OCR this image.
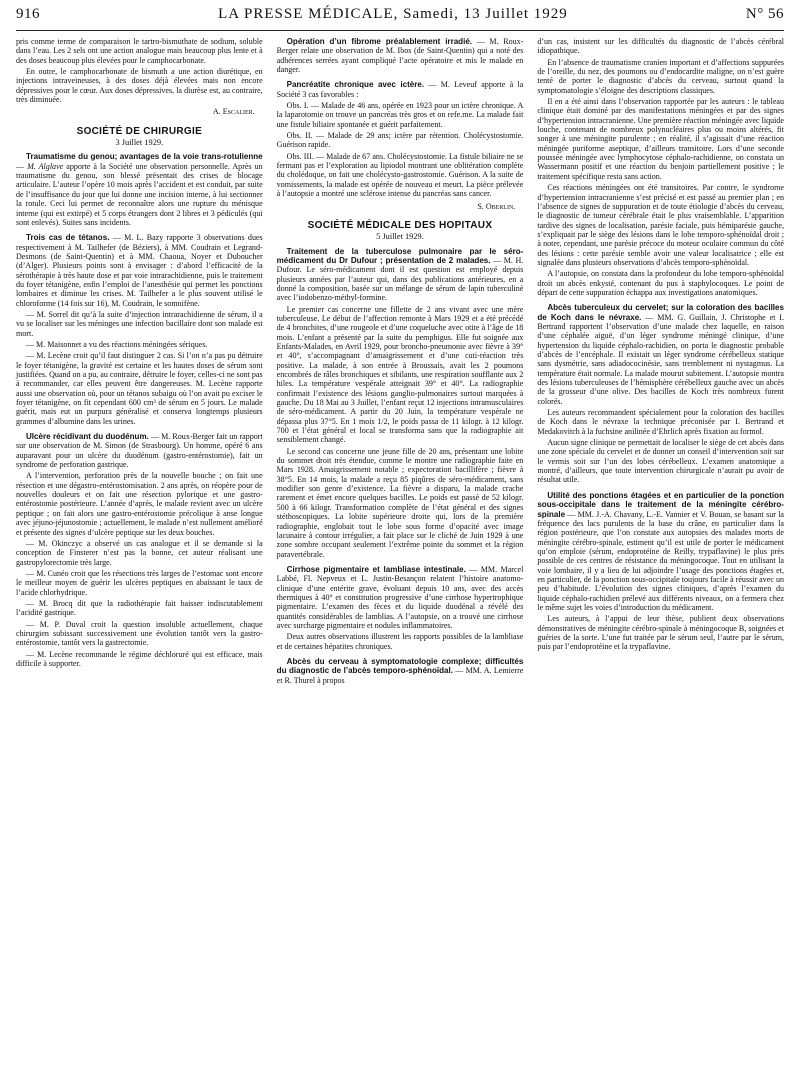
916	LA PRESSE MÉDICALE, Samedi, 13 Juillet 1929	N° 56

pris comme terme de comparaison le tartro-bismuthate de sodium, soluble dans l’eau. Les 2 sels ont une action analogue mais beaucoup plus lente et à des doses beaucoup plus élevées pour le camphocarbonate.

En outre, le camphocarbonate de bismuth a une action diurétique, en injections intraveineuses, à des doses déjà élevées mais non encore dépressives pour le cœur. Aux doses dépressives, la diurèse est, au contraire, très diminuée.

A. Escalier.

SOCIÉTÉ DE CHIRURGIE
3 Juillet 1929.

Traumatisme du genou; avantages de la voie trans-rotulienne — M. Alglave apporte à la Société une observation personnelle. Après un traumatisme du genou, son blessé présentait des crises de blocage articulaire. L’auteur l’opère 10 mois après l’accident et est conduit, par suite de l’insuffisance du jour que lui donne une incision interne, à lui sectionner la rotule. Ceci lui permet de reconnaître alors une rupture du ménisque interne (qui est extirpé) et 5 corps étrangers dont 2 libres et 3 pédiculés (qui sont enlevés). Suites sans incidents.

Trois cas de tétanos. — M. L. Bazy rapporte 3 observations dues respectivement à M. Tailhefer (de Béziers), à MM. Coudrain et Legrand-Desmons (de Saint-Quentin) et à MM. Chaoua, Noyer et Duboucher (d’Alger). Plusieurs points sont à envisager : d’abord l’efficacité de la sérothérapie à très haute dose et par voie intrarachidienne, puis le traitement du foyer tétanigène, enfin l’emploi de l’anesthésie qui permet les ponctions lombaires et diminue les crises. M. Tailhefer a le plus souvent utilisé le chloroforme (14 fois sur 16), M. Coudrain, le somnifène.

— M. Sorrel dit qu’à la suite d’injection intrarachidienne de sérum, il a vu se localiser sur les méninges une infection bacillaire dont son malade est mort.

— M. Maisonnet a vu des réactions méningées sériques.

— M. Lecène croit qu’il faut distinguer 2 cas. Si l’on n’a pas pu détruire le foyer tétanigène, la gravité est certaine et les hautes doses de sérum sont justifiées. Quand on a pu, au contraire, détruire le foyer, celles-ci ne sont pas à recommander, car elles peuvent être dangereuses. M. Lecène rapporte aussi une observation où, pour un tétanos subaigu où l’on avait pu exciser le foyer tétanigène, on fit cependant 600 cm³ de sérum en 5 jours. Le malade guérit, mais eut un purpura généralisé et conserva longtemps plusieurs grammes d’albumine dans les urines.

Ulcère récidivant du duodénum. — M. Roux-Berger fait un rapport sur une observation de M. Simon (de Strasbourg). Un homme, opéré 6 ans auparavant pour un ulcère du duodénum (gastro-entérostomie), fait un syndrome de perforation gastrique.

A l’intervention, perforation près de la nouvelle bouche ; on fait une résection et une dégastro-entérostomisation. 2 ans après, on réopère pour de nouvelles douleurs et on fait une résection pylorique et une gastro-entérostomie postérieure. L’année d’après, le malade revient avec un ulcère peptique ; on fait alors une gastro-entérostomie précolique à anse longue avec jéjuno-jéjunostomie ; actuellement, le malade n’est nullement amélioré et présente des signes d’ulcère peptique sur les deux bouches.

— M. Okinczyc a observé un cas analogue et il se demande si la conception de Finsterer n’est pas la bonne, cet auteur réalisant une gastropylorectomie très large.

— M. Cunéo croit que les résections très larges de l’estomac sont encore le meilleur moyen de guérir les ulcères peptiques en abaissant le taux de l’acide chlorhydrique.

— M. Brocq dit que la radiothérapie fait baisser indiscutablement l’acidité gastrique.

— M. P. Duval croit la question insoluble actuellement, chaque chirurgien subissant successivement une évolution tantôt vers la gastro-entérostomie, tantôt vers la gastrectomie.

— M. Lecène recommande le régime déchloruré qui est efficace, mais difficile à supporter.

Opération d’un fibrome préalablement irradié. — M. Roux-Berger relate une observation de M. Ibos (de Saint-Quentin) qui a noté des adhérences serrées ayant compliqué l’acte opératoire et mis le malade en danger.

Pancréatite chronique avec ictère. — M. Leveuf apporte à la Société 3 cas favorables :

Obs. I. — Malade de 46 ans, opérée en 1923 pour un ictère chronique. A la laparotomie on trouve un pancréas très gros et on refe.me. La malade fait une fistule biliaire spontanée et guérit parfaitement.

Obs. II. — Malade de 29 ans; ictère par rétention. Cholécystostomie. Guérison rapide.

Obs. III. — Malade de 67 ans. Cholécystostomie. La fistule biliaire ne se fermant pas et l’exploration au lipiodol montrant une oblitération complète du cholédoque, on fait une cholécysto-gastrostomie. Guérison. A la suite de vomissements, la malade est opérée de nouveau et meurt. La pièce prélevée à l’autopsie a montré une sclérose intense du pancréas sans cancer.

S. Oberlin.

SOCIÉTÉ MÉDICALE DES HOPITAUX
5 Juillet 1929.

Traitement de la tuberculose pulmonaire par le séro-médicament du Dr Dufour ; présentation de 2 malades. — M. H. Dufour. Le séro-médicament dont il est question est employé depuis plusieurs années par l’auteur qui, dans des publications antérieures, en a donné la composition, basée sur un mélange de sérum de lapin tuberculiné avec l’iodobenzo-méthyl-formine.

Le premier cas concerne une fillette de 2 ans vivant avec une mère tuberculeuse. Le début de l’affection remonte à Mars 1929 et a été précédé de 4 bronchites, d’une rougeole et d’une coqueluche avec otite à l’âge de 18 mois. L’enfant a présenté par la suite du pemphigus. Elle fut soignée aux Enfants-Malades, en Avril 1929, pour broncho-pneumonie avec fièvre à 39° et 40°, s’accompagnant d’amaigrissement et d’une cuti-réaction très positive. La malade, à son entrée à Broussais, avait les 2 poumons encombrés de râles bronchiques et sibilants, une respiration soufflante aux 2 hiles. La température vespérale atteignait 39° et 40°. La radiographie confirmait l’existence des lésions ganglio-pulmonaires surtout marquées à gauche. Du 18 Mai au 3 Juillet, l’enfant reçut 12 injections intramusculaires de séro-médicament. A partir du 20 Juin, la température vespérale ne dépassa plus 37°5. En 1 mois 1/2, le poids passa de 11 kilogr. à 12 kilogr. 700 et l’état général et local se transforma sans que la radiographie ait sensiblement changé.

Le second cas concerne une jeune fille de 20 ans, présentant une lobite du sommet droit très étendue, comme le montre une radiographie faite en Mars 1928. Amaigrissement notable ; expectoration bacillifère ; fièvre à 38°5. En 14 mois, la malade a reçu 85 piqûres de séro-médicament, sans modifier son genre d’existence. La fièvre a disparu, la malade crache rarement et émet encore quelques bacilles. Le poids est passé de 52 kilogr. 500 à 66 kilogr. Transformation complète de l’état général et des signes stéthoscopiques. La lobite supérieure droite qui, lors de la première radiographie, englobait tout le lobe sous forme d’opacité avec image lacunaire à contour irrégulier, a fait place sur le cliché de Juin 1929 à une zone sombre occupant seulement l’extrême pointe du sommet et la région paravertébrale.

Cirrhose pigmentaire et lambliase intestinale. — MM. Marcel Labbé, Fl. Nepveux et L. Justin-Besançon relatent l’histoire anatomo-clinique d’une entérite grave, évoluant depuis 10 ans, avec des accès thermiques à 40° et constitution progressive d’une cirrhose hypertrophique pigmentaire. L’examen des fèces et du liquide duodénal a révélé des quantités considérables de lamblias. A l’autopsie, on a trouvé une cirrhose avec surcharge pigmentaire et nodules inflammatoires.

Deux autres observations illustrent les rapports possibles de la lambliase et de certaines hépatites chroniques.

Abcès du cerveau à symptomatologie complexe; difficultés du diagnostic de l’abcès temporo-sphénoïdal. — MM. A. Lemierre et R. Thurel à propos

d’un cas, insistent sur les difficultés du diagnostic de l’abcès cérébral idiopathique.

En l’absence de traumatisme cranien important et d’affections suppurées de l’oreille, du nez, des poumons ou d’endocardite maligne, on n’est guère tenté de porter le diagnostic d’abcès du cerveau, surtout quand la symptomatologie s’éloigne des descriptions classiques.

Il en a été ainsi dans l’observation rapportée par les auteurs : le tableau clinique était dominé par des manifestations méningées et par des signes d’hypertension intracranienne. Une première réaction méningée avec liquide louche, contenant de nombreux polynucléaires plus ou moins altérés, fit songer à une méningite purulente ; en réalité, il s’agissait d’une réaction méningée puriforme aseptique, d’ailleurs transitoire. Lors d’une seconde poussée méningée avec lymphocytose céphalo-rachidienne, on constata un Wassermann positif et une réaction du benjoin partiellement positive ; le traitement spécifique resta sans action.

Ces réactions méningées ont été transitoires. Par contre, le syndrome d’hypertension intracranienne s’est précisé et est passé au premier plan ; en l’absence de signes de suppuration et de toute étiologie d’abcès du cerveau, le diagnostic de tumeur cérébrale était le plus vraisemblable. L’apparition tardive des signes de localisation, parésie faciale, puis hémiparésie gauche, s’expliquait par le siège des lésions dans le lobe temporo-sphénoïdal droit ; à noter, cependant, une parésie précoce du moteur oculaire commun du côté des lésions : cette parésie semble avoir une valeur localisatrice ; elle est signalée dans plusieurs observations d’abcès temporo-sphénoïdal.

A l’autopsie, on constata dans la profondeur du lobe temporo-sphénoïdal droit un abcès enkysté, contenant du pus à staphylocoques. Le point de départ de cette suppuration échappa aux investigations anatomiques.

Abcès tuberculeux du cervelet; sur la coloration des bacilles de Koch dans le névraxe. — MM. G. Guillain, J. Christophe et I. Bertrand rapportent l’observation d’une malade chez laquelle, en raison d’une céphalée aiguë, d’un léger syndrome méningé clinique, d’une hypertension du liquide céphalo-rachidien, on porta le diagnostic probable d’abcès de l’encéphale. Il existait un léger syndrome cérébelleux statique sans dysmétrie, sans adiadococinésie, sans tremblement ni nystagmus. La température était normale. La malade mourut subitement. L’autopsie montra des lésions tuberculeuses de l’hémisphère cérébelleux gauche avec un abcès de la grosseur d’une olive. Des bacilles de Koch très nombreux furent colorés.

Les auteurs recommandent spécialement pour la coloration des bacilles de Koch dans le névraxe la technique préconisée par I. Bertrand et Medakovitch à la fuchsine anilinée d’Ehrlich après fixation au formol.

Aucun signe clinique ne permettait de localiser le siège de cet abcès dans une zone spéciale du cervelet et de donner un conseil d’intervention soit sur le vermis soit sur l’un des lobes cérébelleux. L’examen anatomique a montré, d’ailleurs, que toute intervention chirurgicale n’aurait pu avoir de résultat utile.

Utilité des ponctions étagées et en particulier de la ponction sous-occipitale dans le traitement de la méningite cérébro-spinale — MM. J.-A. Chavany, L.-E. Vannier et V. Bouan, se basant sur la fréquence des lacs purulents de la base du crâne, en particulier dans la région postérieure, que l’on constate aux autopsies des malades morts de méningite cérébro-spinale, estiment qu’il est utile de porter le médicament qu’on emploie (sérum, endoprotéine de Reilly, trypaflavine) le plus près possible de ces centres de résistance du méningocoque. Tout en utilisant la voie lombaire, il y a lieu de lui adjoindre l’usage des ponctions étagées et, en particulier, de la ponction sous-occipitale toujours facile à réussir avec un peu d’habitude. L’évolution des signes cliniques, d’après l’examen du liquide céphalo-rachidien prélevé aux différents niveaux, on a fermera chez le même sujet les voies d’introduction du médicament.

Les auteurs, à l’appui de leur thèse, publient deux observations démonstratives de méningite cérébro-spinale à méningocoque B, soignées et guéries de la sorte. L’une fut traitée par le sérum seul, l’autre par le sérum, puis par l’endoprotéine et la trypaflavine.
